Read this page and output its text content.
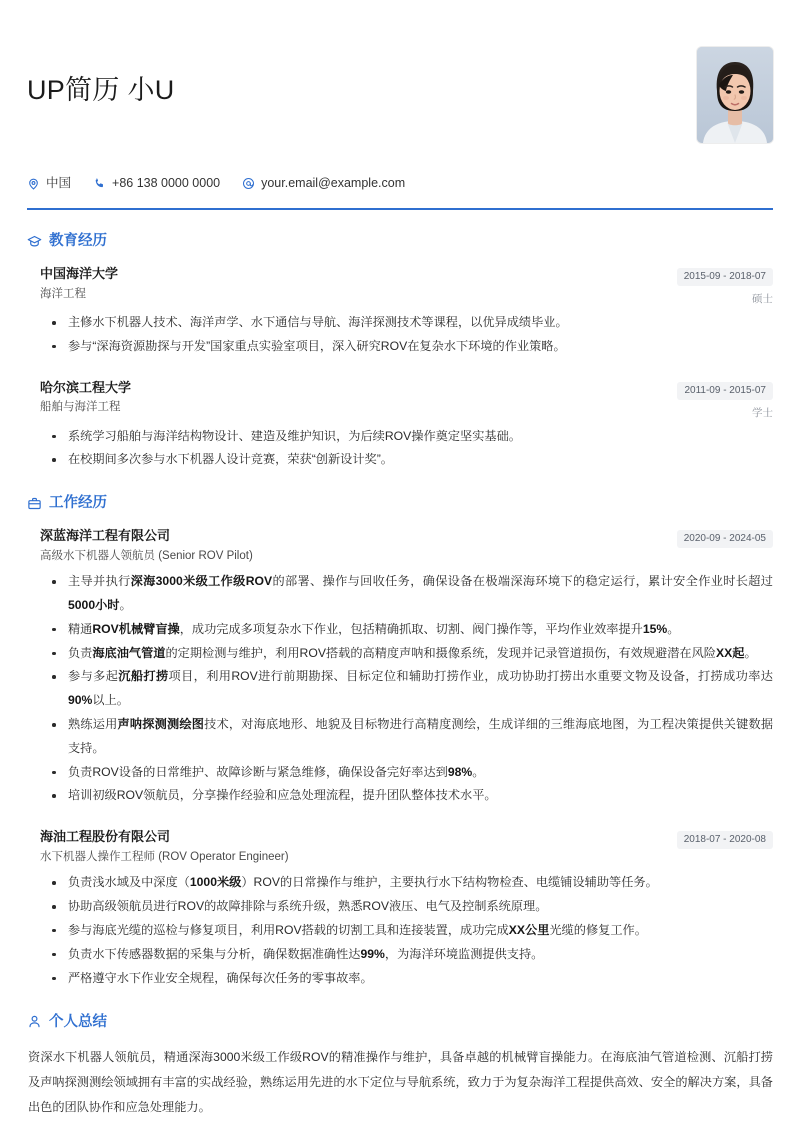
UP简历 小U
中国	+86 138 0000 0000	your.email@example.com
教育经历
中国海洋大学
海洋工程
2015-09 - 2018-07
硕士
主修水下机器人技术、海洋声学、水下通信与导航、海洋探测技术等课程，以优异成绩毕业。
参与“深海资源勘探与开发”国家重点实验室项目，深入研究ROV在复杂水下环境的作业策略。
哈尔滨工程大学
船舶与海洋工程
2011-09 - 2015-07
学士
系统学习船舶与海洋结构物设计、建造及维护知识，为后续ROV操作奠定坚实基础。
在校期间多次参与水下机器人设计竞赛，荣获“创新设计奖”。
工作经历
深蓝海洋工程有限公司
高级水下机器人领航员 (Senior ROV Pilot)
2020-09 - 2024-05
主导并执行深海3000米级工作级ROV的部署、操作与回收任务，确保设备在极端深海环境下的稳定运行，累计安全作业时长超过5000小时。
精通ROV机械臂盲操，成功完成多项复杂水下作业，包括精确抓取、切割、阀门操作等，平均作业效率提升15%。
负责海底油气管道的定期检测与维护，利用ROV搭载的高精度声呐和摄像系统，发现并记录管道损伤，有效规避潜在风险XX起。
参与多起沉船打捞项目，利用ROV进行前期勘探、目标定位和辅助打捞作业，成功协助打捞出水重要文物及设备，打捞成功率达90%以上。
熟练运用声呐探测测绘图技术，对海底地形、地貌及目标物进行高精度测绘，生成详细的三维海底地图，为工程决策提供关键数据支持。
负责ROV设备的日常维护、故障诊断与紧急维修，确保设备完好率达到98%。
培训初级ROV领航员，分享操作经验和应急处理流程，提升团队整体技术水平。
海油工程股份有限公司
水下机器人操作工程师 (ROV Operator Engineer)
2018-07 - 2020-08
负责浅水域及中深度（1000米级）ROV的日常操作与维护，主要执行水下结构物检查、电缆铺设辅助等任务。
协助高级领航员进行ROV的故障排除与系统升级，熟悉ROV液压、电气及控制系统原理。
参与海底光缆的巡检与修复项目，利用ROV搭载的切割工具和连接装置，成功完成XX公里光缆的修复工作。
负责水下传感器数据的采集与分析，确保数据准确性达99%，为海洋环境监测提供支持。
严格遵守水下作业安全规程，确保每次任务的零事故率。
个人总结
资深水下机器人领航员，精通深海3000米级工作级ROV的精准操作与维护，具备卓越的机械臂盲操能力。在海底油气管道检测、沉船打捞及声呐探测测绘领域拥有丰富的实战经验，熟练运用先进的水下定位与导航系统，致力于为复杂海洋工程提供高效、安全的解决方案，具备出色的团队协作和应急处理能力。
